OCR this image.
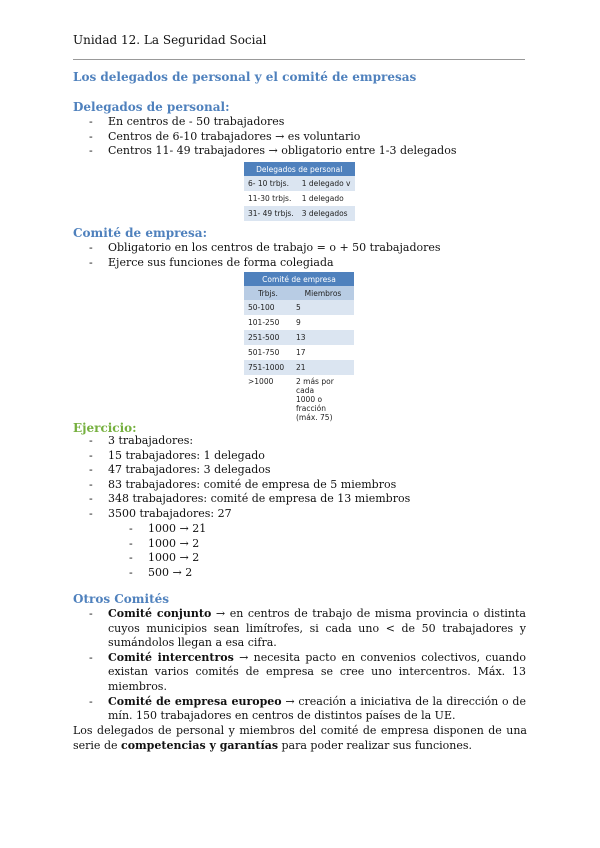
Unidad 12. La Seguridad Social
Los delegados de personal y el comité de empresas
Delegados de personal:
- En centros de - 50 trabajadores
- Centros de 6-10 trabajadores → es voluntario
- Centros 11- 49 trabajadores → obligatorio entre 1-3 delegados
Delegados de personal	
6- 10 trbjs.	1 delegado v
11-30 trbjs.	1 delegado
31- 49 trbjs.	3 delegados
Comité de empresa:
- Obligatorio en los centros de trabajo = o + 50 trabajadores
- Ejerce sus funciones de forma colegiada
Comité de empresa	
Trbjs.	Miembros
50-100	5
101-250	9
251-500	13
501-750	17
751-1000	21
>1000	2 más por cada
1000 o fracción
(máx. 75)
Ejercicio:
- 3 trabajadores:
- 15 trabajadores: 1 delegado
- 47 trabajadores: 3 delegados
- 83 trabajadores: comité de empresa de 5 miembros
- 348 trabajadores: comité de empresa de 13 miembros
- 3500 trabajadores: 27
- 1000 → 21
- 1000 → 2
- 1000 → 2
- 500 → 2
Otros Comités
- Comité conjunto → en centros de trabajo de misma provincia o distinta cuyos municipios sean limítrofes, si cada uno < de 50 trabajadores y sumándolos llegan a esa cifra.
- Comité intercentros → necesita pacto en convenios colectivos, cuando existan varios comités de empresa se cree uno intercentros. Máx. 13 miembros.
- Comité de empresa europeo → creación a iniciativa de la dirección o de mín. 150 trabajadores en centros de distintos países de la UE.
Los delegados de personal y miembros del comité de empresa disponen de una serie de competencias y garantías para poder realizar sus funciones.
